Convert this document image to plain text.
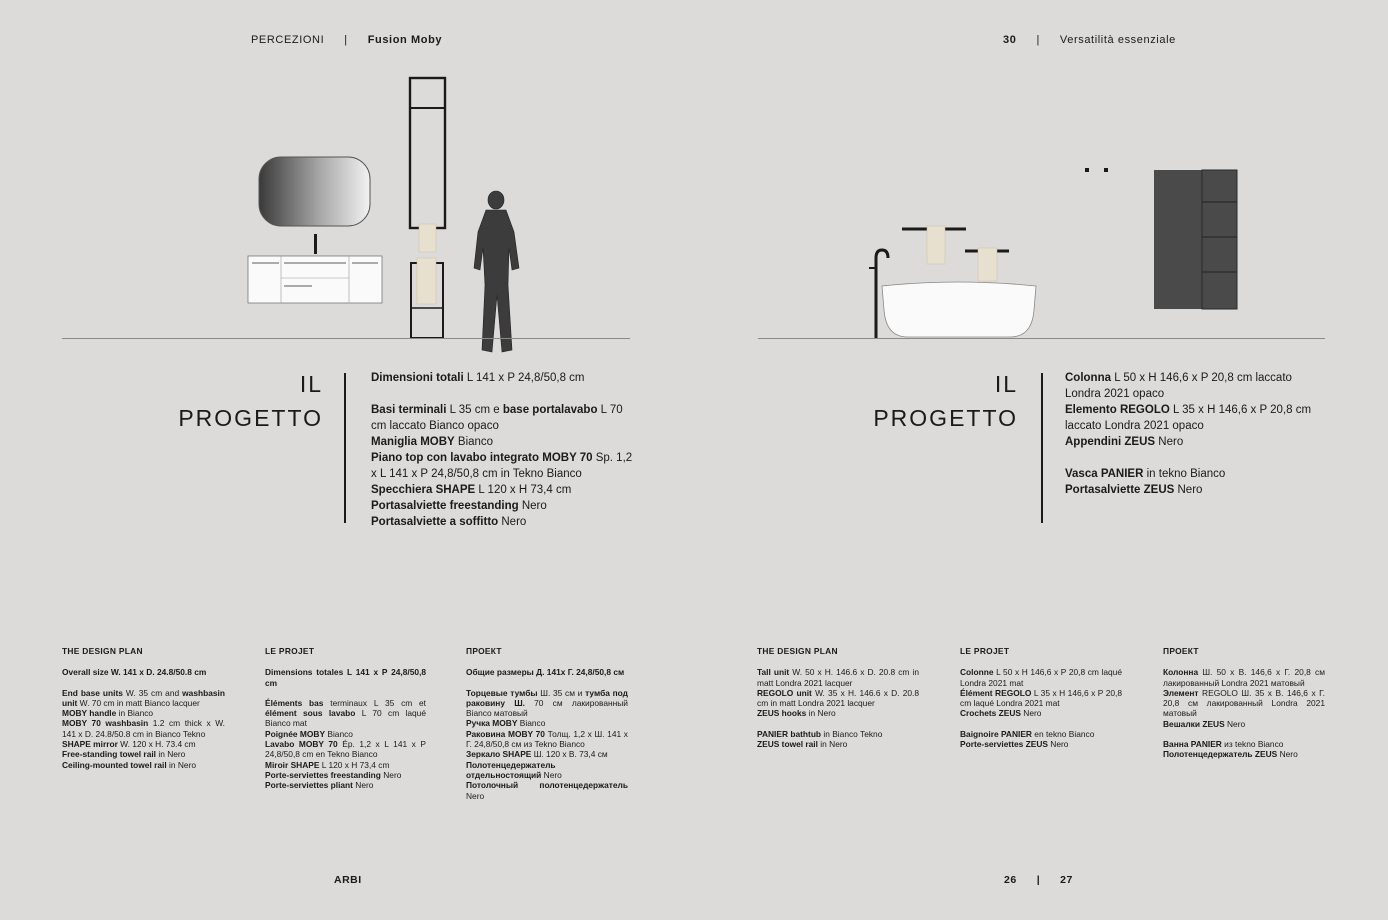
PERCEZIONI | Fusion Moby	30 | Versatilità essenziale
IL
PROGETTO

Dimensioni totali L 141 x P 24,8/50,8 cm

Basi terminali L 35 cm e base portalavabo L 70 cm laccato Bianco opaco

Maniglia MOBY Bianco

Piano top con lavabo integrato MOBY 70 Sp. 1,2 x L 141 x P 24,8/50,8 cm in Tekno Bianco

Specchiera SHAPE L 120 x H 73,4 cm

Portasalviette freestanding Nero

Portasalviette a soffitto Nero

IL
PROGETTO

Colonna L 50 x H 146,6 x P 20,8 cm laccato Londra 2021 opaco

Elemento REGOLO L 35 x H 146,6 x P 20,8 cm laccato Londra 2021 opaco

Appendini ZEUS Nero

Vasca PANIER in tekno Bianco

Portasalviette ZEUS Nero

THE DESIGN PLAN

Overall size W. 141 x D. 24.8/50.8 cm

End base units W. 35 cm and washbasin unit W. 70 cm in matt Bianco lacquer

MOBY handle in Bianco

MOBY 70 washbasin 1.2 cm thick x W. 141 x D. 24.8/50.8 cm in Bianco Tekno

SHAPE mirror W. 120 x H. 73.4 cm

Free-standing towel rail in Nero

Ceiling-mounted towel rail in Nero

LE PROJET

Dimensions totales L 141 x P 24,8/50,8 cm

Éléments bas terminaux L 35 cm et élément sous lavabo L 70 cm laqué Bianco mat

Poignée MOBY Bianco

Lavabo MOBY 70 Ép. 1,2 x L 141 x P 24,8/50,8 cm en Tekno Bianco

Miroir SHAPE L 120 x H 73,4 cm

Porte-serviettes freestanding Nero

Porte-serviettes pliant Nero

ПРОЕКТ

Общие размеры Д. 141x Г. 24,8/50,8 см

Торцевые тумбы Ш. 35 см и тумба под раковину Ш. 70 см лакированный Bianco матовый

Ручка MOBY Bianco

Раковина MOBY 70 Толщ. 1,2 x Ш. 141 x Г. 24,8/50,8 см из Tekno Bianco

Зеркало SHAPE Ш. 120 x В. 73,4 см

Полотенцедержатель отдельностоящий Nero

Потолочный полотенцедержатель Nero

THE DESIGN PLAN

Tall unit W. 50 x H. 146.6 x D. 20.8 cm in matt Londra 2021 lacquer

REGOLO unit W. 35 x H. 146.6 x D. 20.8 cm in matt Londra 2021 lacquer

ZEUS hooks in Nero

PANIER bathtub in Bianco Tekno

ZEUS towel rail in Nero

LE PROJET

Colonne L 50 x H 146,6 x P 20,8 cm laqué Londra 2021 mat

Élément REGOLO L 35 x H 146,6 x P 20,8 cm laqué Londra 2021 mat

Crochets ZEUS Nero

Baignoire PANIER en tekno Bianco

Porte-serviettes ZEUS Nero

ПРОЕКТ

Колонна Ш. 50 x В. 146,6 x Г. 20,8 см лакированный Londra 2021 матовый

Элемент REGOLO Ш. 35 x В. 146,6 x Г. 20,8 см лакированный Londra 2021 матовый

Вешалки ZEUS Nero

Ванна PANIER из tekno Bianco

Полотенцедержатель ZEUS Nero

ARBI	26 | 27
